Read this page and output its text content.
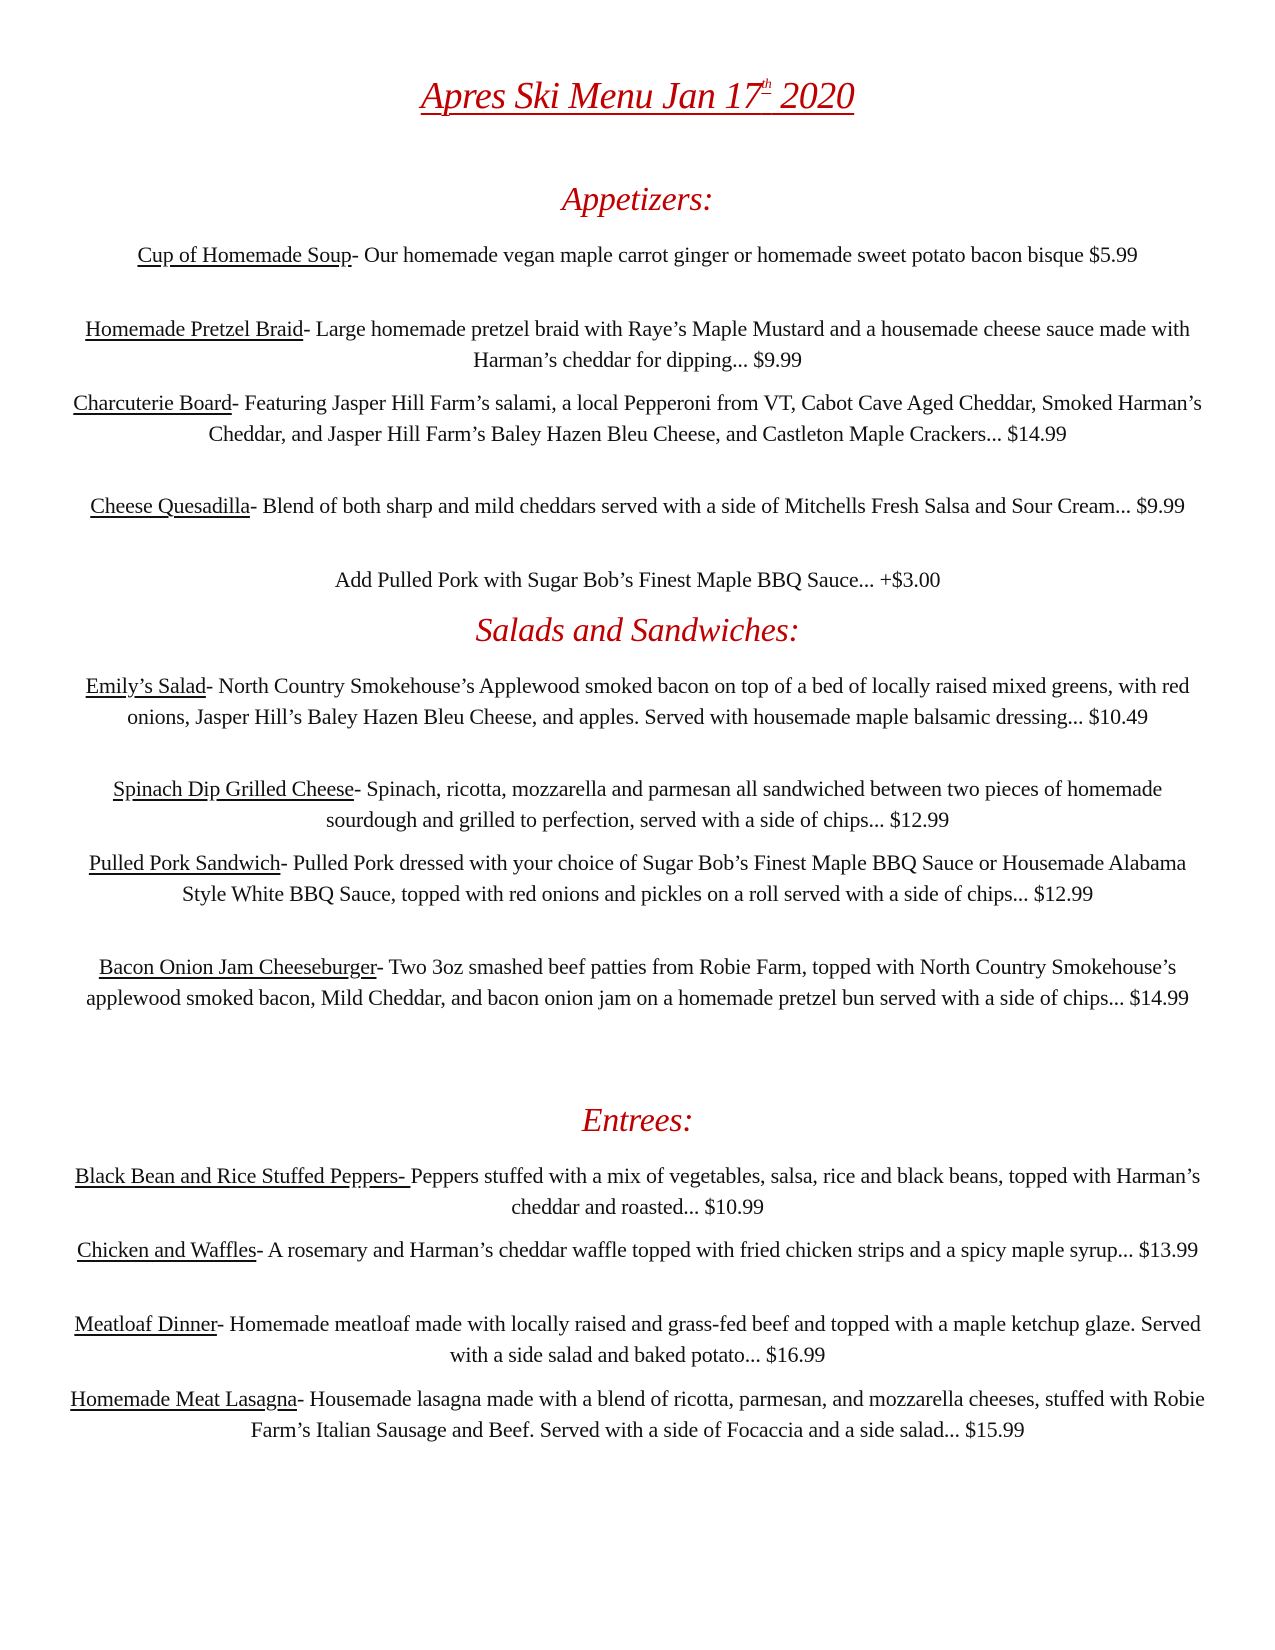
Apres Ski Menu Jan 17th 2020
Appetizers:
Cup of Homemade Soup- Our homemade vegan maple carrot ginger or homemade sweet potato bacon bisque $5.99
Homemade Pretzel Braid- Large homemade pretzel braid with Raye’s Maple Mustard and a housemade cheese sauce made with Harman’s cheddar for dipping... $9.99
Charcuterie Board- Featuring Jasper Hill Farm’s salami, a local Pepperoni from VT, Cabot Cave Aged Cheddar, Smoked Harman’s Cheddar, and Jasper Hill Farm’s Baley Hazen Bleu Cheese, and Castleton Maple Crackers... $14.99
Cheese Quesadilla- Blend of both sharp and mild cheddars served with a side of Mitchells Fresh Salsa and Sour Cream... $9.99
Add Pulled Pork with Sugar Bob’s Finest Maple BBQ Sauce... +$3.00
Salads and Sandwiches:
Emily’s Salad- North Country Smokehouse’s Applewood smoked bacon on top of a bed of locally raised mixed greens, with red onions, Jasper Hill’s Baley Hazen Bleu Cheese, and apples. Served with housemade maple balsamic dressing... $10.49
Spinach Dip Grilled Cheese- Spinach, ricotta, mozzarella and parmesan all sandwiched between two pieces of homemade sourdough and grilled to perfection, served with a side of chips... $12.99
Pulled Pork Sandwich- Pulled Pork dressed with your choice of Sugar Bob’s Finest Maple BBQ Sauce or Housemade Alabama Style White BBQ Sauce, topped with red onions and pickles on a roll served with a side of chips... $12.99
Bacon Onion Jam Cheeseburger- Two 3oz smashed beef patties from Robie Farm, topped with North Country Smokehouse’s applewood smoked bacon, Mild Cheddar, and bacon onion jam on a homemade pretzel bun served with a side of chips... $14.99
Entrees:
Black Bean and Rice Stuffed Peppers- Peppers stuffed with a mix of vegetables, salsa, rice and black beans, topped with Harman’s cheddar and roasted... $10.99
Chicken and Waffles- A rosemary and Harman’s cheddar waffle topped with fried chicken strips and a spicy maple syrup... $13.99
Meatloaf Dinner- Homemade meatloaf made with locally raised and grass-fed beef and topped with a maple ketchup glaze. Served with a side salad and baked potato... $16.99
Homemade Meat Lasagna- Housemade lasagna made with a blend of ricotta, parmesan, and mozzarella cheeses, stuffed with Robie Farm’s Italian Sausage and Beef. Served with a side of Focaccia and a side salad... $15.99
